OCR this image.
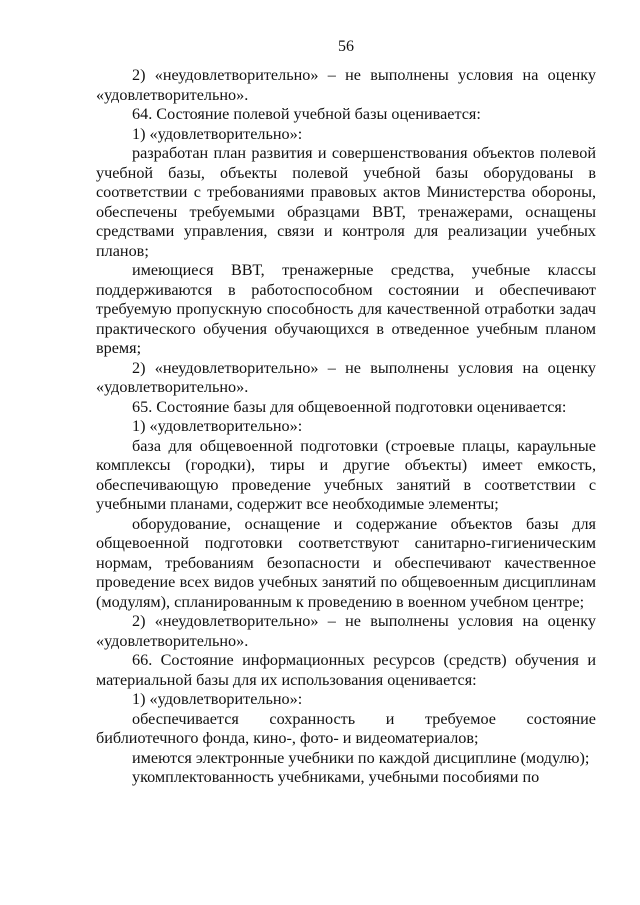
56

2) «неудовлетворительно» – не выполнены условия на оценку «удовлетворительно».

64. Состояние полевой учебной базы оценивается:

1) «удовлетворительно»:

разработан план развития и совершенствования объектов полевой учебной базы, объекты полевой учебной базы оборудованы в соответствии с требованиями правовых актов Министерства обороны, обеспечены требуемыми образцами ВВТ, тренажерами, оснащены средствами управления, связи и контроля для реализации учебных планов;

имеющиеся ВВТ, тренажерные средства, учебные классы поддерживаются в работоспособном состоянии и обеспечивают требуемую пропускную способность для качественной отработки задач практического обучения обучающихся в отведенное учебным планом время;

2) «неудовлетворительно» – не выполнены условия на оценку «удовлетворительно».

65. Состояние базы для общевоенной подготовки оценивается:

1) «удовлетворительно»:

база для общевоенной подготовки (строевые плацы, караульные комплексы (городки), тиры и другие объекты) имеет емкость, обеспечивающую проведение учебных занятий в соответствии с учебными планами, содержит все необходимые элементы;

оборудование, оснащение и содержание объектов базы для общевоенной подготовки соответствуют санитарно-гигиеническим нормам, требованиям безопасности и обеспечивают качественное проведение всех видов учебных занятий по общевоенным дисциплинам (модулям), спланированным к проведению в военном учебном центре;

2) «неудовлетворительно» – не выполнены условия на оценку «удовлетворительно».

66. Состояние информационных ресурсов (средств) обучения и материальной базы для их использования оценивается:

1) «удовлетворительно»:

обеспечивается сохранность и требуемое состояние библиотечного фонда, кино-, фото- и видеоматериалов;

имеются электронные учебники по каждой дисциплине (модулю);

укомплектованность учебниками, учебными пособиями по
